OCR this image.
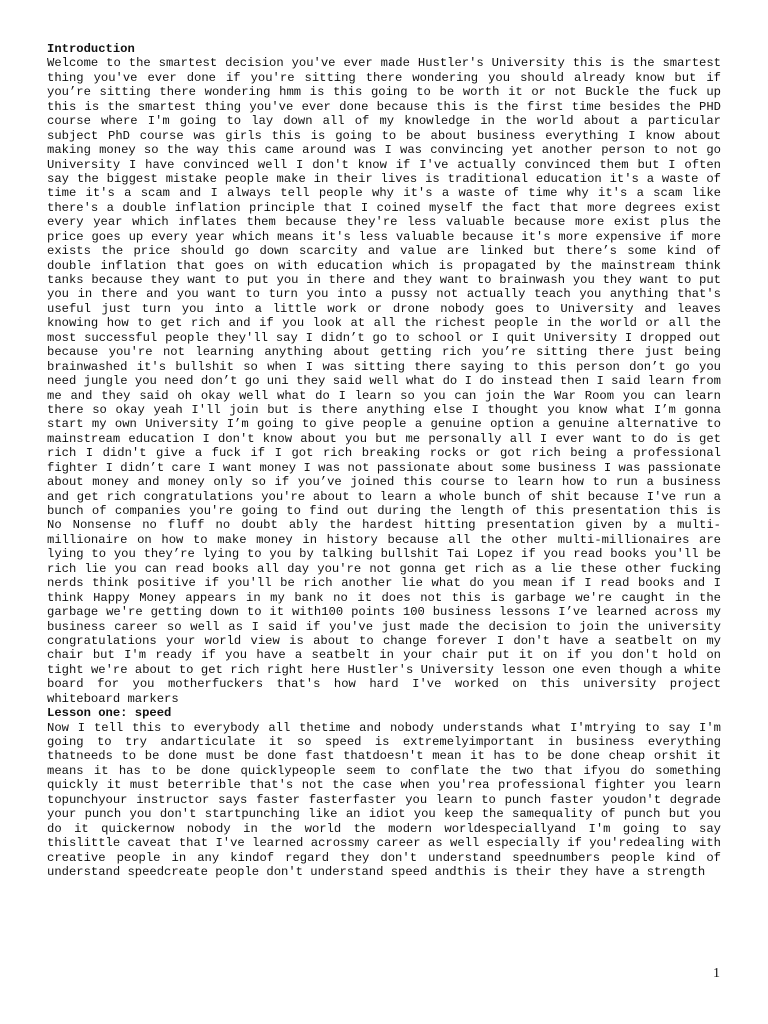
Introduction

Welcome to the smartest decision you've ever made Hustler's University this is the smartest thing you've ever done if you're sitting there wondering you should already know but if you’re sitting there wondering hmm is this going to be worth it or not Buckle the fuck up this is the smartest thing you've ever done because this is the first time besides the PHD course where I'm going to lay down all of my knowledge in the world about a particular subject PhD course was girls this is going to be about business everything I know about making money so the way this came around was I was convincing yet another person to not go University I have convinced well I don't know if I've actually convinced them but I often say the biggest mistake people make in their lives is traditional education it's a waste of time it's a scam and I always tell people why it's a waste of time why it's a scam like there's a double inflation principle that I coined myself the fact that more degrees exist every year which inflates them because they're less valuable because more exist plus the price goes up every year which means it's less valuable because it's more expensive if more exists the price should go down scarcity and value are linked but there’s some kind of double inflation that goes on with education which is propagated by the mainstream think tanks because they want to put you in there and they want to brainwash you they want to put you in there and you want to turn you into a pussy not actually teach you anything that's useful just turn you into a little work or drone nobody goes to University and leaves knowing how to get rich and if you look at all the richest people in the world or all the most successful people they'll say I didn’t go to school or I quit University I dropped out because you're not learning anything about getting rich you’re sitting there just being brainwashed it's bullshit so when I was sitting there saying to this person don’t go you need jungle you need don’t go uni they said well what do I do instead then I said learn from me and they said oh okay well what do I learn so you can join the War Room you can learn there so okay yeah I'll join but is there anything else I thought you know what I’m gonna start my own University I’m going to give people a genuine option a genuine alternative to mainstream education I don't know about you but me personally all I ever want to do is get rich I didn't give a fuck if I got rich breaking rocks or got rich being a professional fighter I didn’t care I want money I was not passionate about some business I was passionate about money and money only so if you’ve joined this course to learn how to run a business and get rich congratulations you're about to learn a whole bunch of shit because I've run a bunch of companies you're going to find out during the length of this presentation this is No Nonsense no fluff no doubt ably the hardest hitting presentation given by a multi-millionaire on how to make money in history because all the other multi-millionaires are lying to you they’re lying to you by talking bullshit Tai Lopez if you read books you'll be rich lie you can read books all day you're not gonna get rich as a lie these other fucking nerds think positive if you'll be rich another lie what do you mean if I read books and I think Happy Money appears in my bank no it does not this is garbage we're caught in the garbage we're getting down to it with100 points 100 business lessons I’ve learned across my business career so well as I said if you've just made the decision to join the university congratulations your world view is about to change forever I don't have a seatbelt on my chair but I'm ready if you have a seatbelt in your chair put it on if you don't hold on tight we're about to get rich right here Hustler's University lesson one even though a white board for you motherfuckers that's how hard I've worked on this university project whiteboard markers

Lesson one: speed

Now I tell this to everybody all thetime and nobody understands what I'mtrying to say I'm going to try andarticulate it so speed is extremelyimportant in business everything thatneeds to be done must be done fast thatdoesn't mean it has to be done cheap orshit it means it has to be done quicklypeople seem to conflate the two that ifyou do something quickly it must beterrible that's not the case when you'rea professional fighter you learn topunchyour instructor says faster fasterfaster you learn to punch faster youdon't degrade your punch you don't startpunching like an idiot you keep the samequality of punch but you do it quickernow nobody in the world the modern worldespeciallyand I'm going to say thislittle caveat that I've learned acrossmy career as well especially if you'redealing with creative people in any kindof regard they don't understand speednumbers people kind of understand speedcreate people don't understand speed andthis is their they have a strength

1
